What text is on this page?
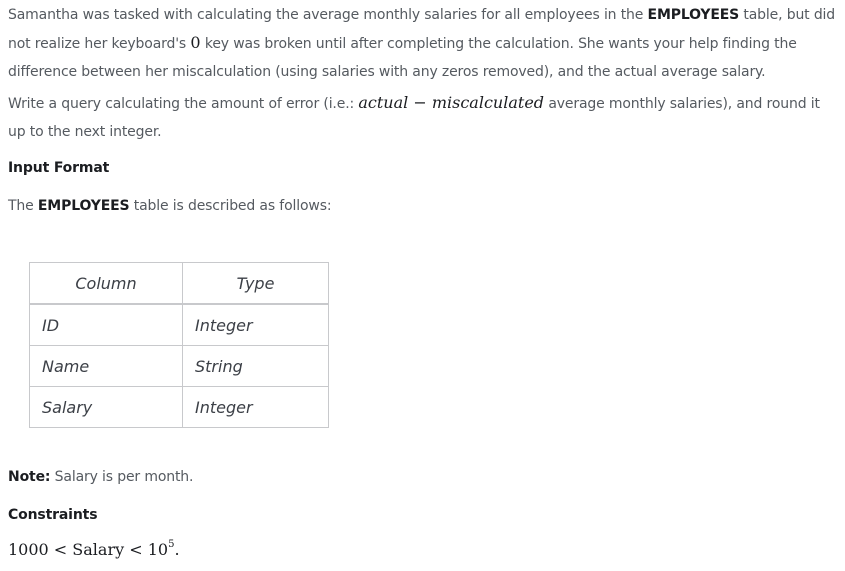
Samantha was tasked with calculating the average monthly salaries for all employees in the EMPLOYEES table, but did not realize her keyboard's 0 key was broken until after completing the calculation. She wants your help finding the difference between her miscalculation (using salaries with any zeros removed), and the actual average salary.
Write a query calculating the amount of error (i.e.: actual − miscalculated average monthly salaries), and round it up to the next integer.
Input Format
The EMPLOYEES table is described as follows:
Column	Type
ID	Integer
Name	String
Salary	Integer
Note: Salary is per month.
Constraints
1000 < Salary < $10^5$.
